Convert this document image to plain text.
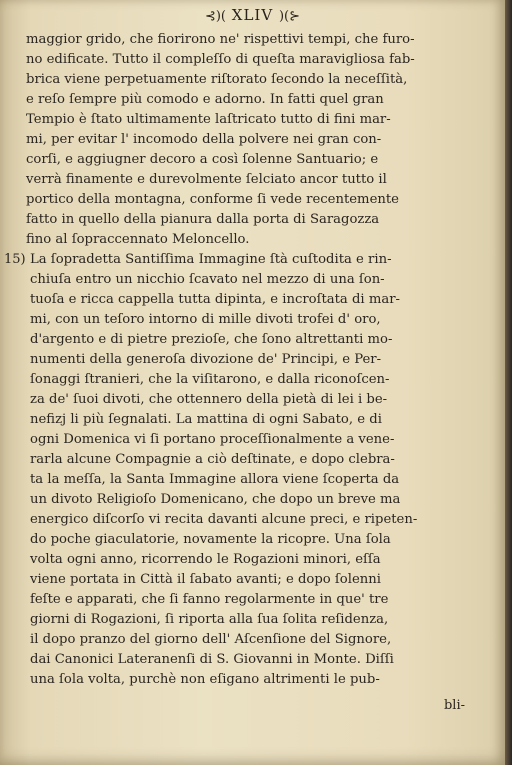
⊰)( XLIV )(⊱
15)
maggior grido, che fiorirono ne' rispettivi tempi, che furo-
no edificate. Tutto il compleſſo di queſta maravigliosa fab-
brica viene perpetuamente riſtorato ſecondo la neceſſità,
e reſo ſempre più comodo e adorno. In fatti quel gran
Tempio è ſtato ultimamente laſtricato tutto di fini mar-
mi, per evitar l' incomodo della polvere nei gran con-
corſi, e aggiugner decoro a così ſolenne Santuario; e
verrà finamente e durevolmente ſelciato ancor tutto il
portico della montagna, conforme ſi vede recentemente
fatto in quello della pianura dalla porta di Saragozza
fino al ſopraccennato Meloncello.
La ſopradetta Santiſſima Immagine ſtà cuſtodita e rin-
chiuſa entro un nicchio ſcavato nel mezzo di una ſon-
tuoſa e ricca cappella tutta dipinta, e incroſtata di mar-
mi, con un teſoro intorno di mille divoti trofei d' oro,
d'argento e di pietre prezioſe, che ſono altrettanti mo-
numenti della generoſa divozione de' Principi, e Per-
ſonaggi ſtranieri, che la viſitarono, e dalla riconoſcen-
za de' ſuoi divoti, che ottennero della pietà di lei i be-
nefizj li più ſegnalati. La mattina di ogni Sabato, e di
ogni Domenica vi ſi portano proceſſionalmente a vene-
rarla alcune Compagnie a ciò deſtinate, e dopo clebra-
ta la meſſa, la Santa Immagine allora viene ſcoperta da
un divoto Religioſo Domenicano, che dopo un breve ma
energico diſcorſo vi recita davanti alcune preci, e ripeten-
do poche giaculatorie, novamente la ricopre. Una ſola
volta ogni anno, ricorrendo le Rogazioni minori, eſſa
viene portata in Città il ſabato avanti; e dopo ſolenni
feſte e apparati, che ſi fanno regolarmente in que' tre
giorni di Rogazioni, ſi riporta alla ſua ſolita reſidenza,
il dopo pranzo del giorno dell' Aſcenſione del Signore,
dai Canonici Lateranenſi di S. Giovanni in Monte. Diſſi
una ſola volta, purchè non eſigano altrimenti le pub-
bli-
